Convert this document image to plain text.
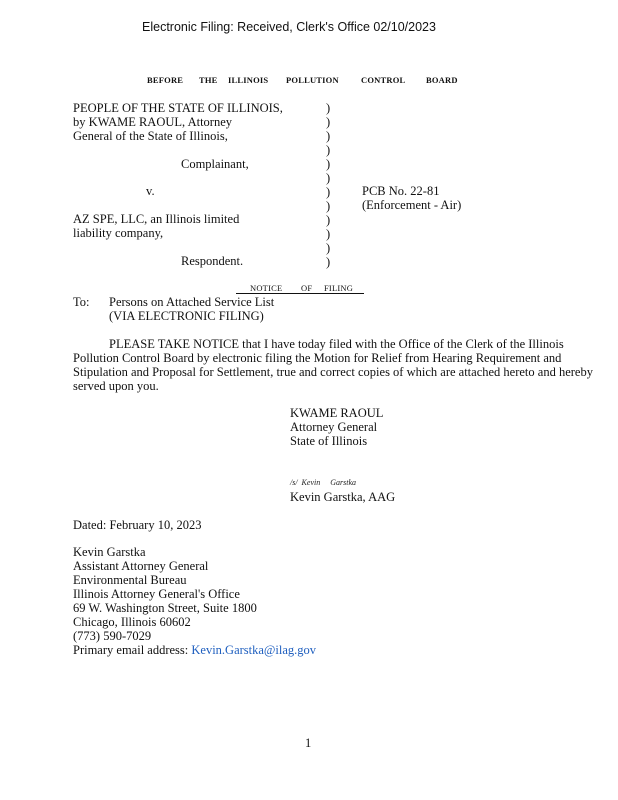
Electronic Filing: Received, Clerk's Office 02/10/2023
BEFORE THE ILLINOIS POLLUTION	CONTROL BOARD
PEOPLE OF THE STATE OF ILLINOIS,
by KWAME RAOUL, Attorney
General of the State of Illinois,
Complainant,
v.
AZ SPE, LLC, an Illinois limited
liability company,
Respondent.
)
)
)
)
)
)
)
)
)
)
)
)
PCB No. 22-81
(Enforcement - Air)
NOTICE OF FILING
To: Persons on Attached Service List
(VIA ELECTRONIC FILING)
PLEASE TAKE NOTICE that I have today filed with the Office of the Clerk of the Illinois Pollution Control Board by electronic filing the Motion for Relief from Hearing Requirement and Stipulation and Proposal for Settlement, true and correct copies of which are attached hereto and hereby served upon you.
KWAME RAOUL
Attorney General
State of Illinois
/s/  Kevin     Garstka
Kevin Garstka, AAG
Dated: February 10, 2023
Kevin Garstka
Assistant Attorney General
Environmental Bureau
Illinois Attorney General's Office
69 W. Washington Street, Suite 1800
Chicago, Illinois 60602
(773) 590-7029
Primary email address: Kevin.Garstka@ilag.gov
1
